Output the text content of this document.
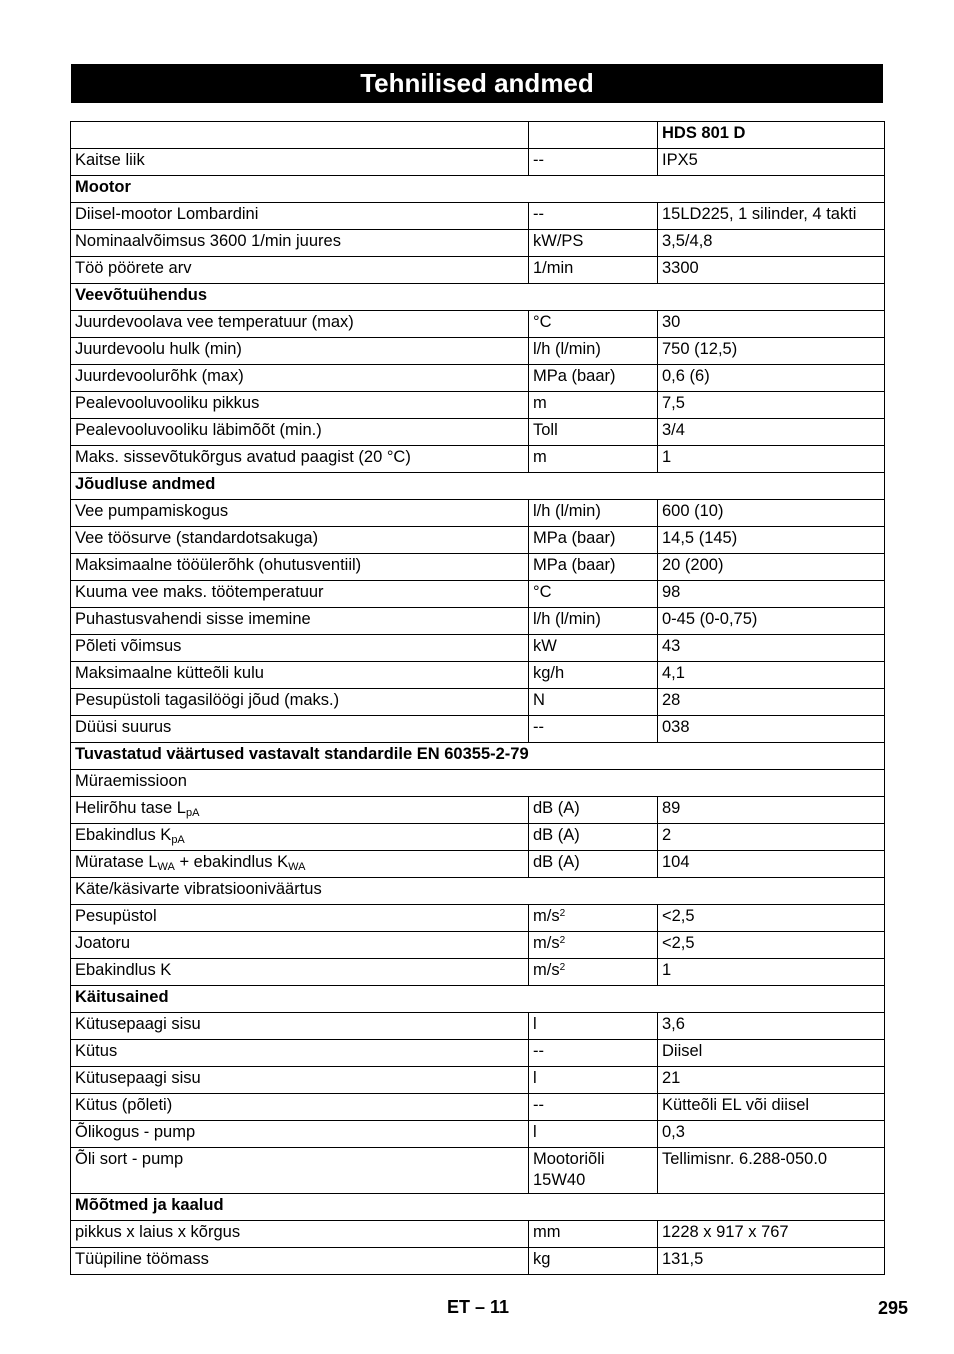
Tehnilised andmed
		HDS 801 D
Kaitse liik	--	IPX5
Mootor		
Diisel-mootor Lombardini	--	15LD225, 1 silinder, 4 takti
Nominaalvõimsus 3600 1/min juures	kW/PS	3,5/4,8
Töö pöörete arv	1/min	3300
Veevõtuühendus		
Juurdevoolava vee temperatuur (max)	°C	30
Juurdevoolu hulk (min)	l/h (l/min)	750 (12,5)
Juurdevoolurõhk (max)	MPa (baar)	0,6 (6)
Pealevooluvooliku pikkus	m	7,5
Pealevooluvooliku läbimõõt (min.)	Toll	3/4
Maks. sissevõtukõrgus avatud paagist (20 °C)	m	1
Jõudluse andmed		
Vee pumpamiskogus	l/h (l/min)	600 (10)
Vee töösurve (standardotsakuga)	MPa (baar)	14,5 (145)
Maksimaalne tööülerõhk (ohutusventiil)	MPa (baar)	20 (200)
Kuuma vee maks. töötemperatuur	°C	98
Puhastusvahendi sisse imemine	l/h (l/min)	0-45 (0-0,75)
Põleti võimsus	kW	43
Maksimaalne kütteõli kulu	kg/h	4,1
Pesupüstoli tagasilöögi jõud (maks.)	N	28
Düüsi suurus	--	038
Tuvastatud väärtused vastavalt standardile EN 60355-2-79		
Müraemissioon		
Helirõhu tase $L_{pA}$	dB (A)	89
Ebakindlus $K_{pA}$	dB (A)	2
Müratase $L_{WA}$ + ebakindlus $K_{WA}$	dB (A)	104
Käte/käsivarte vibratsiooniväärtus		
Pesupüstol	$m/s^2$	<2,5
Joatoru	$m/s^2$	<2,5
Ebakindlus K	$m/s^2$	1
Käitusained		
Kütusepaagi sisu	l	3,6
Kütus	--	Diisel
Kütusepaagi sisu	l	21
Kütus (põleti)	--	Kütteõli EL või diisel
Õlikogus - pump	l	0,3
Õli sort - pump	Mootoriõli 15W40	Tellimisnr. 6.288-050.0
Mõõtmed ja kaalud		
pikkus x laius x kõrgus	mm	1228 x 917 x 767
Tüüpiline töömass	kg	131,5
ET – 11	295
